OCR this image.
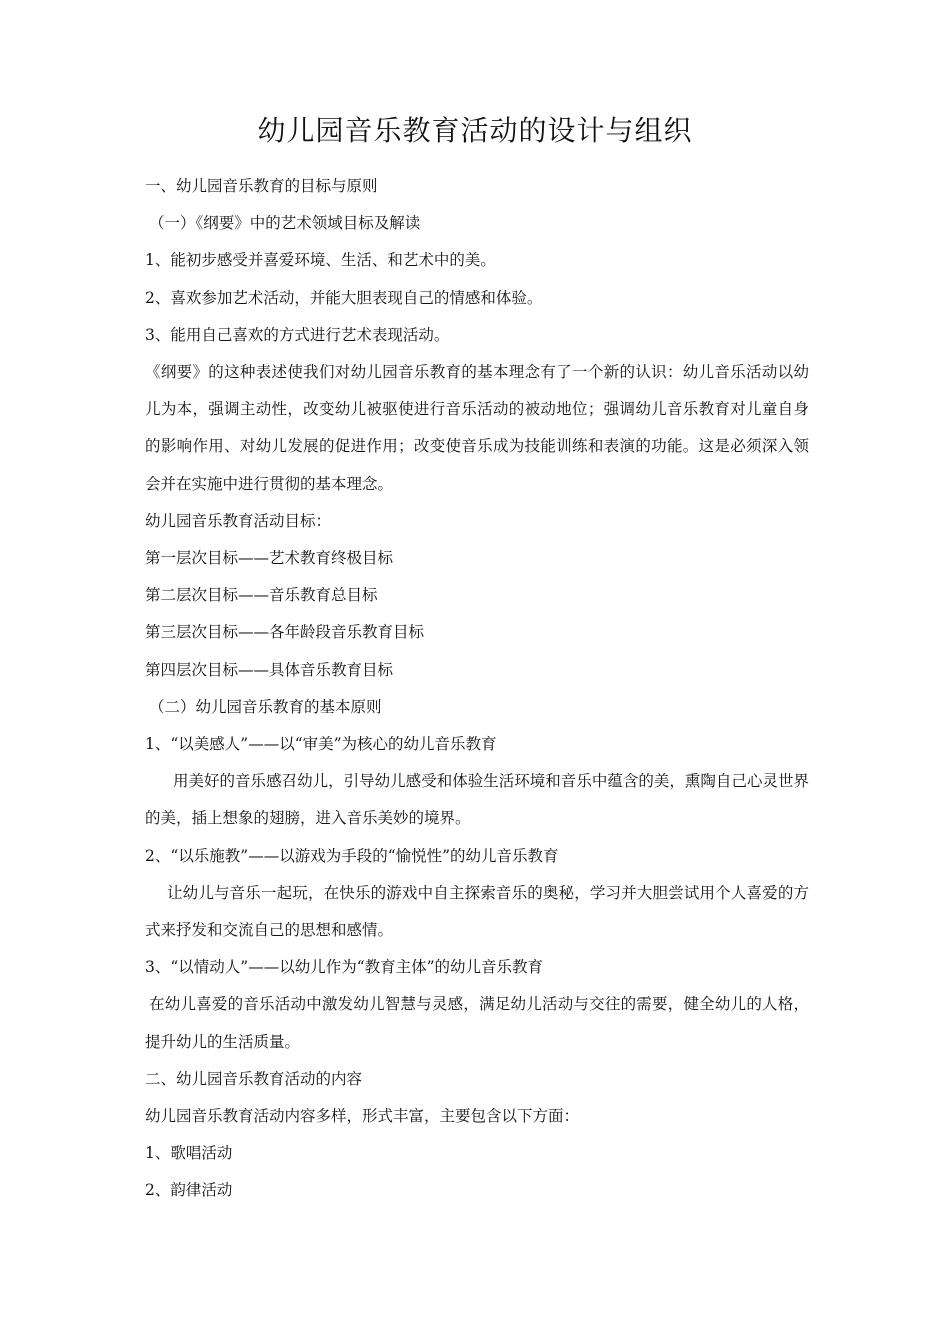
幼儿园音乐教育活动的设计与组织

一、幼儿园音乐教育的目标与原则

（一）《纲要》中的艺术领域目标及解读

1、能初步感受并喜爱环境、生活、和艺术中的美。

2、喜欢参加艺术活动，并能大胆表现自己的情感和体验。

3、能用自己喜欢的方式进行艺术表现活动。

《纲要》的这种表述使我们对幼儿园音乐教育的基本理念有了一个新的认识：幼儿音乐活动以幼儿为本，强调主动性，改变幼儿被驱使进行音乐活动的被动地位；强调幼儿音乐教育对儿童自身的影响作用、对幼儿发展的促进作用；改变使音乐成为技能训练和表演的功能。这是必须深入领会并在实施中进行贯彻的基本理念。

幼儿园音乐教育活动目标：

第一层次目标——艺术教育终极目标

第二层次目标——音乐教育总目标

第三层次目标——各年龄段音乐教育目标

第四层次目标——具体音乐教育目标

（二）幼儿园音乐教育的基本原则

1、“以美感人”——以“审美”为核心的幼儿音乐教育

用美好的音乐感召幼儿，引导幼儿感受和体验生活环境和音乐中蕴含的美，熏陶自己心灵世界的美，插上想象的翅膀，进入音乐美妙的境界。

2、“以乐施教”——以游戏为手段的“愉悦性”的幼儿音乐教育

让幼儿与音乐一起玩，在快乐的游戏中自主探索音乐的奥秘，学习并大胆尝试用个人喜爱的方式来抒发和交流自己的思想和感情。

3、“以情动人”——以幼儿作为“教育主体”的幼儿音乐教育

在幼儿喜爱的音乐活动中激发幼儿智慧与灵感，满足幼儿活动与交往的需要，健全幼儿的人格，提升幼儿的生活质量。

二、幼儿园音乐教育活动的内容

幼儿园音乐教育活动内容多样，形式丰富，主要包含以下方面：

1、歌唱活动

2、韵律活动
